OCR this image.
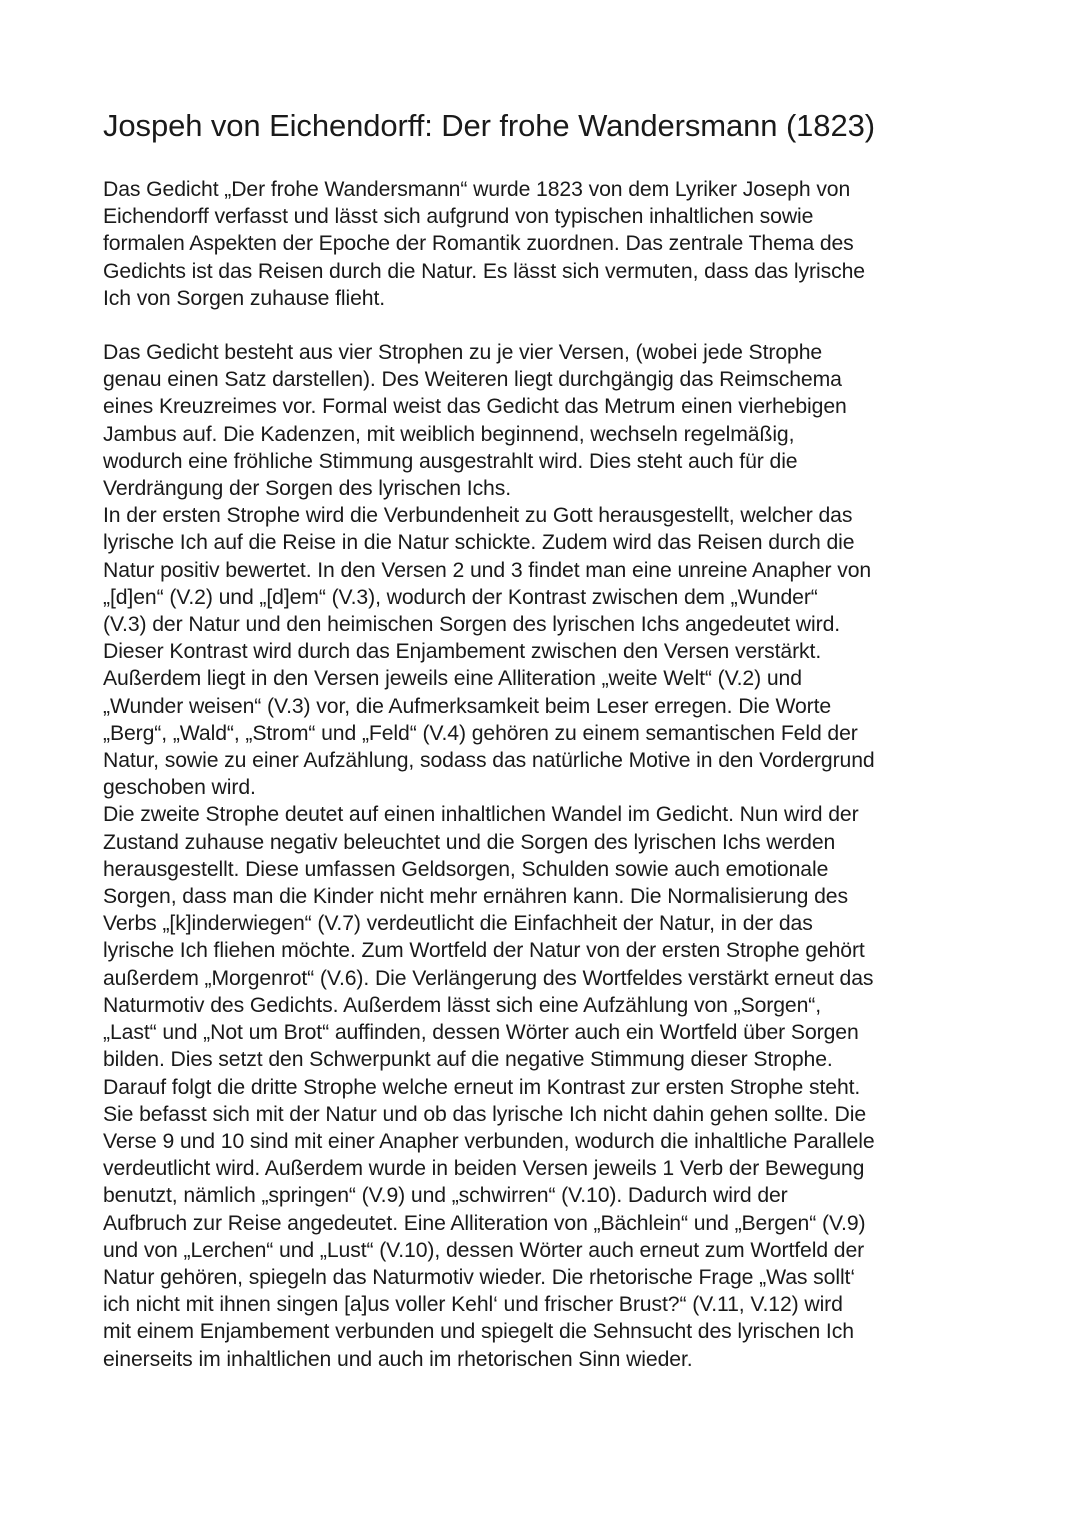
Jospeh von Eichendorff: Der frohe Wandersmann (1823)

Das Gedicht „Der frohe Wandersmann“ wurde 1823 von dem Lyriker Joseph von
Eichendorff verfasst und lässt sich aufgrund von typischen inhaltlichen sowie
formalen Aspekten der Epoche der Romantik zuordnen. Das zentrale Thema des
Gedichts ist das Reisen durch die Natur. Es lässt sich vermuten, dass das lyrische
Ich von Sorgen zuhause flieht.

Das Gedicht besteht aus vier Strophen zu je vier Versen, (wobei jede Strophe
genau einen Satz darstellen). Des Weiteren liegt durchgängig das Reimschema
eines Kreuzreimes vor. Formal weist das Gedicht das Metrum einen vierhebigen
Jambus auf. Die Kadenzen, mit weiblich beginnend, wechseln regelmäßig,
wodurch eine fröhliche Stimmung ausgestrahlt wird. Dies steht auch für die
Verdrängung der Sorgen des lyrischen Ichs.

In der ersten Strophe wird die Verbundenheit zu Gott herausgestellt, welcher das
lyrische Ich auf die Reise in die Natur schickte. Zudem wird das Reisen durch die
Natur positiv bewertet. In den Versen 2 und 3 findet man eine unreine Anapher von
„[d]en“ (V.2) und „[d]em“ (V.3), wodurch der Kontrast zwischen dem „Wunder“
(V.3) der Natur und den heimischen Sorgen des lyrischen Ichs angedeutet wird.
Dieser Kontrast wird durch das Enjambement zwischen den Versen verstärkt.
Außerdem liegt in den Versen jeweils eine Alliteration „weite Welt“ (V.2) und
„Wunder weisen“ (V.3) vor, die Aufmerksamkeit beim Leser erregen. Die Worte
„Berg“, „Wald“, „Strom“ und „Feld“ (V.4) gehören zu einem semantischen Feld der
Natur, sowie zu einer Aufzählung, sodass das natürliche Motive in den Vordergrund
geschoben wird.

Die zweite Strophe deutet auf einen inhaltlichen Wandel im Gedicht. Nun wird der
Zustand zuhause negativ beleuchtet und die Sorgen des lyrischen Ichs werden
herausgestellt. Diese umfassen Geldsorgen, Schulden sowie auch emotionale
Sorgen, dass man die Kinder nicht mehr ernähren kann. Die Normalisierung des
Verbs „[k]inderwiegen“ (V.7) verdeutlicht die Einfachheit der Natur, in der das
lyrische Ich fliehen möchte. Zum Wortfeld der Natur von der ersten Strophe gehört
außerdem „Morgenrot“ (V.6). Die Verlängerung des Wortfeldes verstärkt erneut das
Naturmotiv des Gedichts. Außerdem lässt sich eine Aufzählung von „Sorgen“,
„Last“ und „Not um Brot“ auffinden, dessen Wörter auch ein Wortfeld über Sorgen
bilden. Dies setzt den Schwerpunkt auf die negative Stimmung dieser Strophe.

Darauf folgt die dritte Strophe welche erneut im Kontrast zur ersten Strophe steht.
Sie befasst sich mit der Natur und ob das lyrische Ich nicht dahin gehen sollte. Die
Verse 9 und 10 sind mit einer Anapher verbunden, wodurch die inhaltliche Parallele
verdeutlicht wird. Außerdem wurde in beiden Versen jeweils 1 Verb der Bewegung
benutzt, nämlich „springen“ (V.9) und „schwirren“ (V.10). Dadurch wird der
Aufbruch zur Reise angedeutet. Eine Alliteration von „Bächlein“ und „Bergen“ (V.9)
und von „Lerchen“ und „Lust“ (V.10), dessen Wörter auch erneut zum Wortfeld der
Natur gehören, spiegeln das Naturmotiv wieder. Die rhetorische Frage „Was sollt‘
ich nicht mit ihnen singen [a]us voller Kehl‘ und frischer Brust?“ (V.11, V.12) wird
mit einem Enjambement verbunden und spiegelt die Sehnsucht des lyrischen Ich
einerseits im inhaltlichen und auch im rhetorischen Sinn wieder.
